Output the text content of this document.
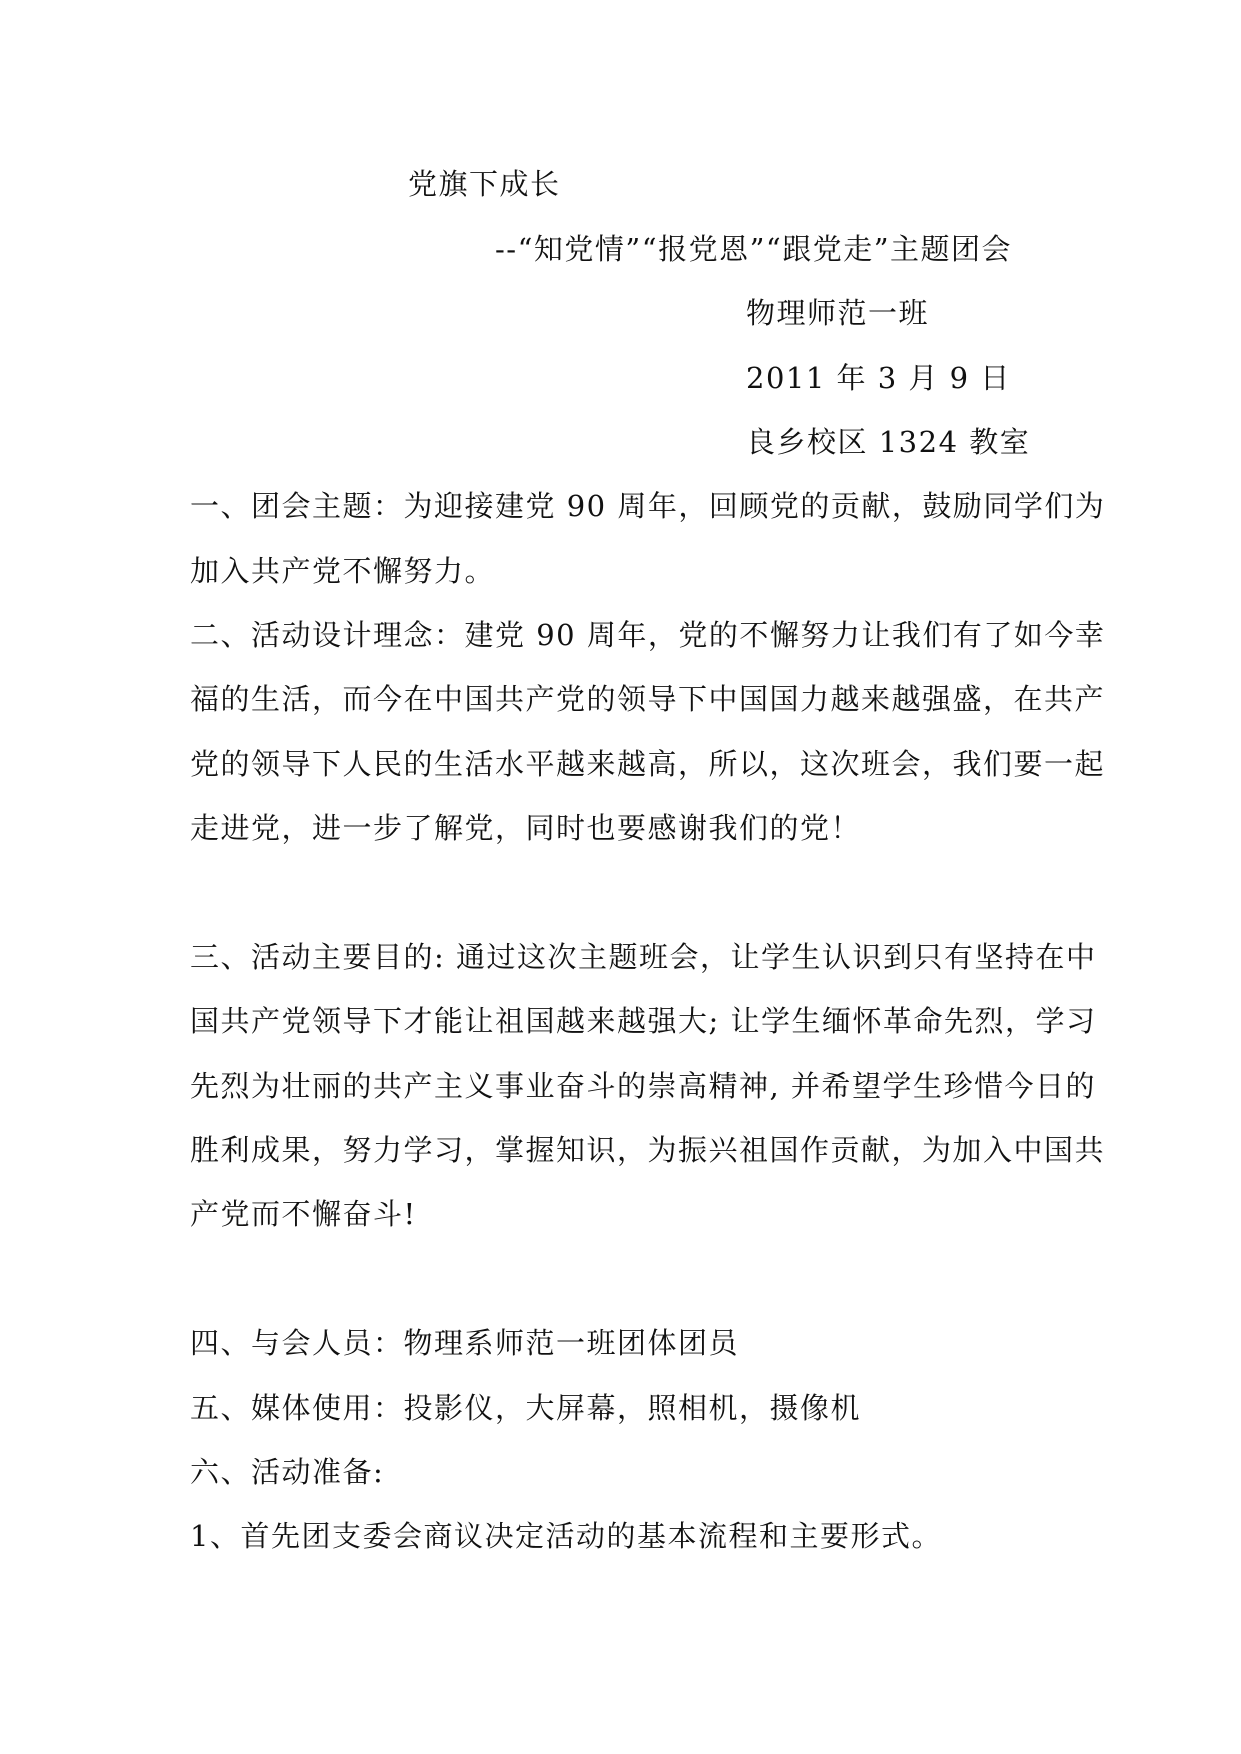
党旗下成长
--“知党情”“报党恩”“跟党走”主题团会
物理师范一班
2011 年 3 月 9 日
良乡校区 1324 教室
一、团会主题：为迎接建党 90 周年，回顾党的贡献，鼓励同学们为
加入共产党不懈努力。
二、活动设计理念：建党 90 周年，党的不懈努力让我们有了如今幸
福的生活，而今在中国共产党的领导下中国国力越来越强盛，在共产
党的领导下人民的生活水平越来越高，所以，这次班会，我们要一起
走进党，进一步了解党，同时也要感谢我们的党！
三、活动主要目的: 通过这次主题班会，让学生认识到只有坚持在中
国共产党领导下才能让祖国越来越强大; 让学生缅怀革命先烈，学习
先烈为壮丽的共产主义事业奋斗的崇高精神, 并希望学生珍惜今日的
胜利成果，努力学习，掌握知识，为振兴祖国作贡献，为加入中国共
产党而不懈奋斗!
四、与会人员：物理系师范一班团体团员
五、媒体使用：投影仪，大屏幕，照相机，摄像机
六、活动准备:
1、首先团支委会商议决定活动的基本流程和主要形式。
